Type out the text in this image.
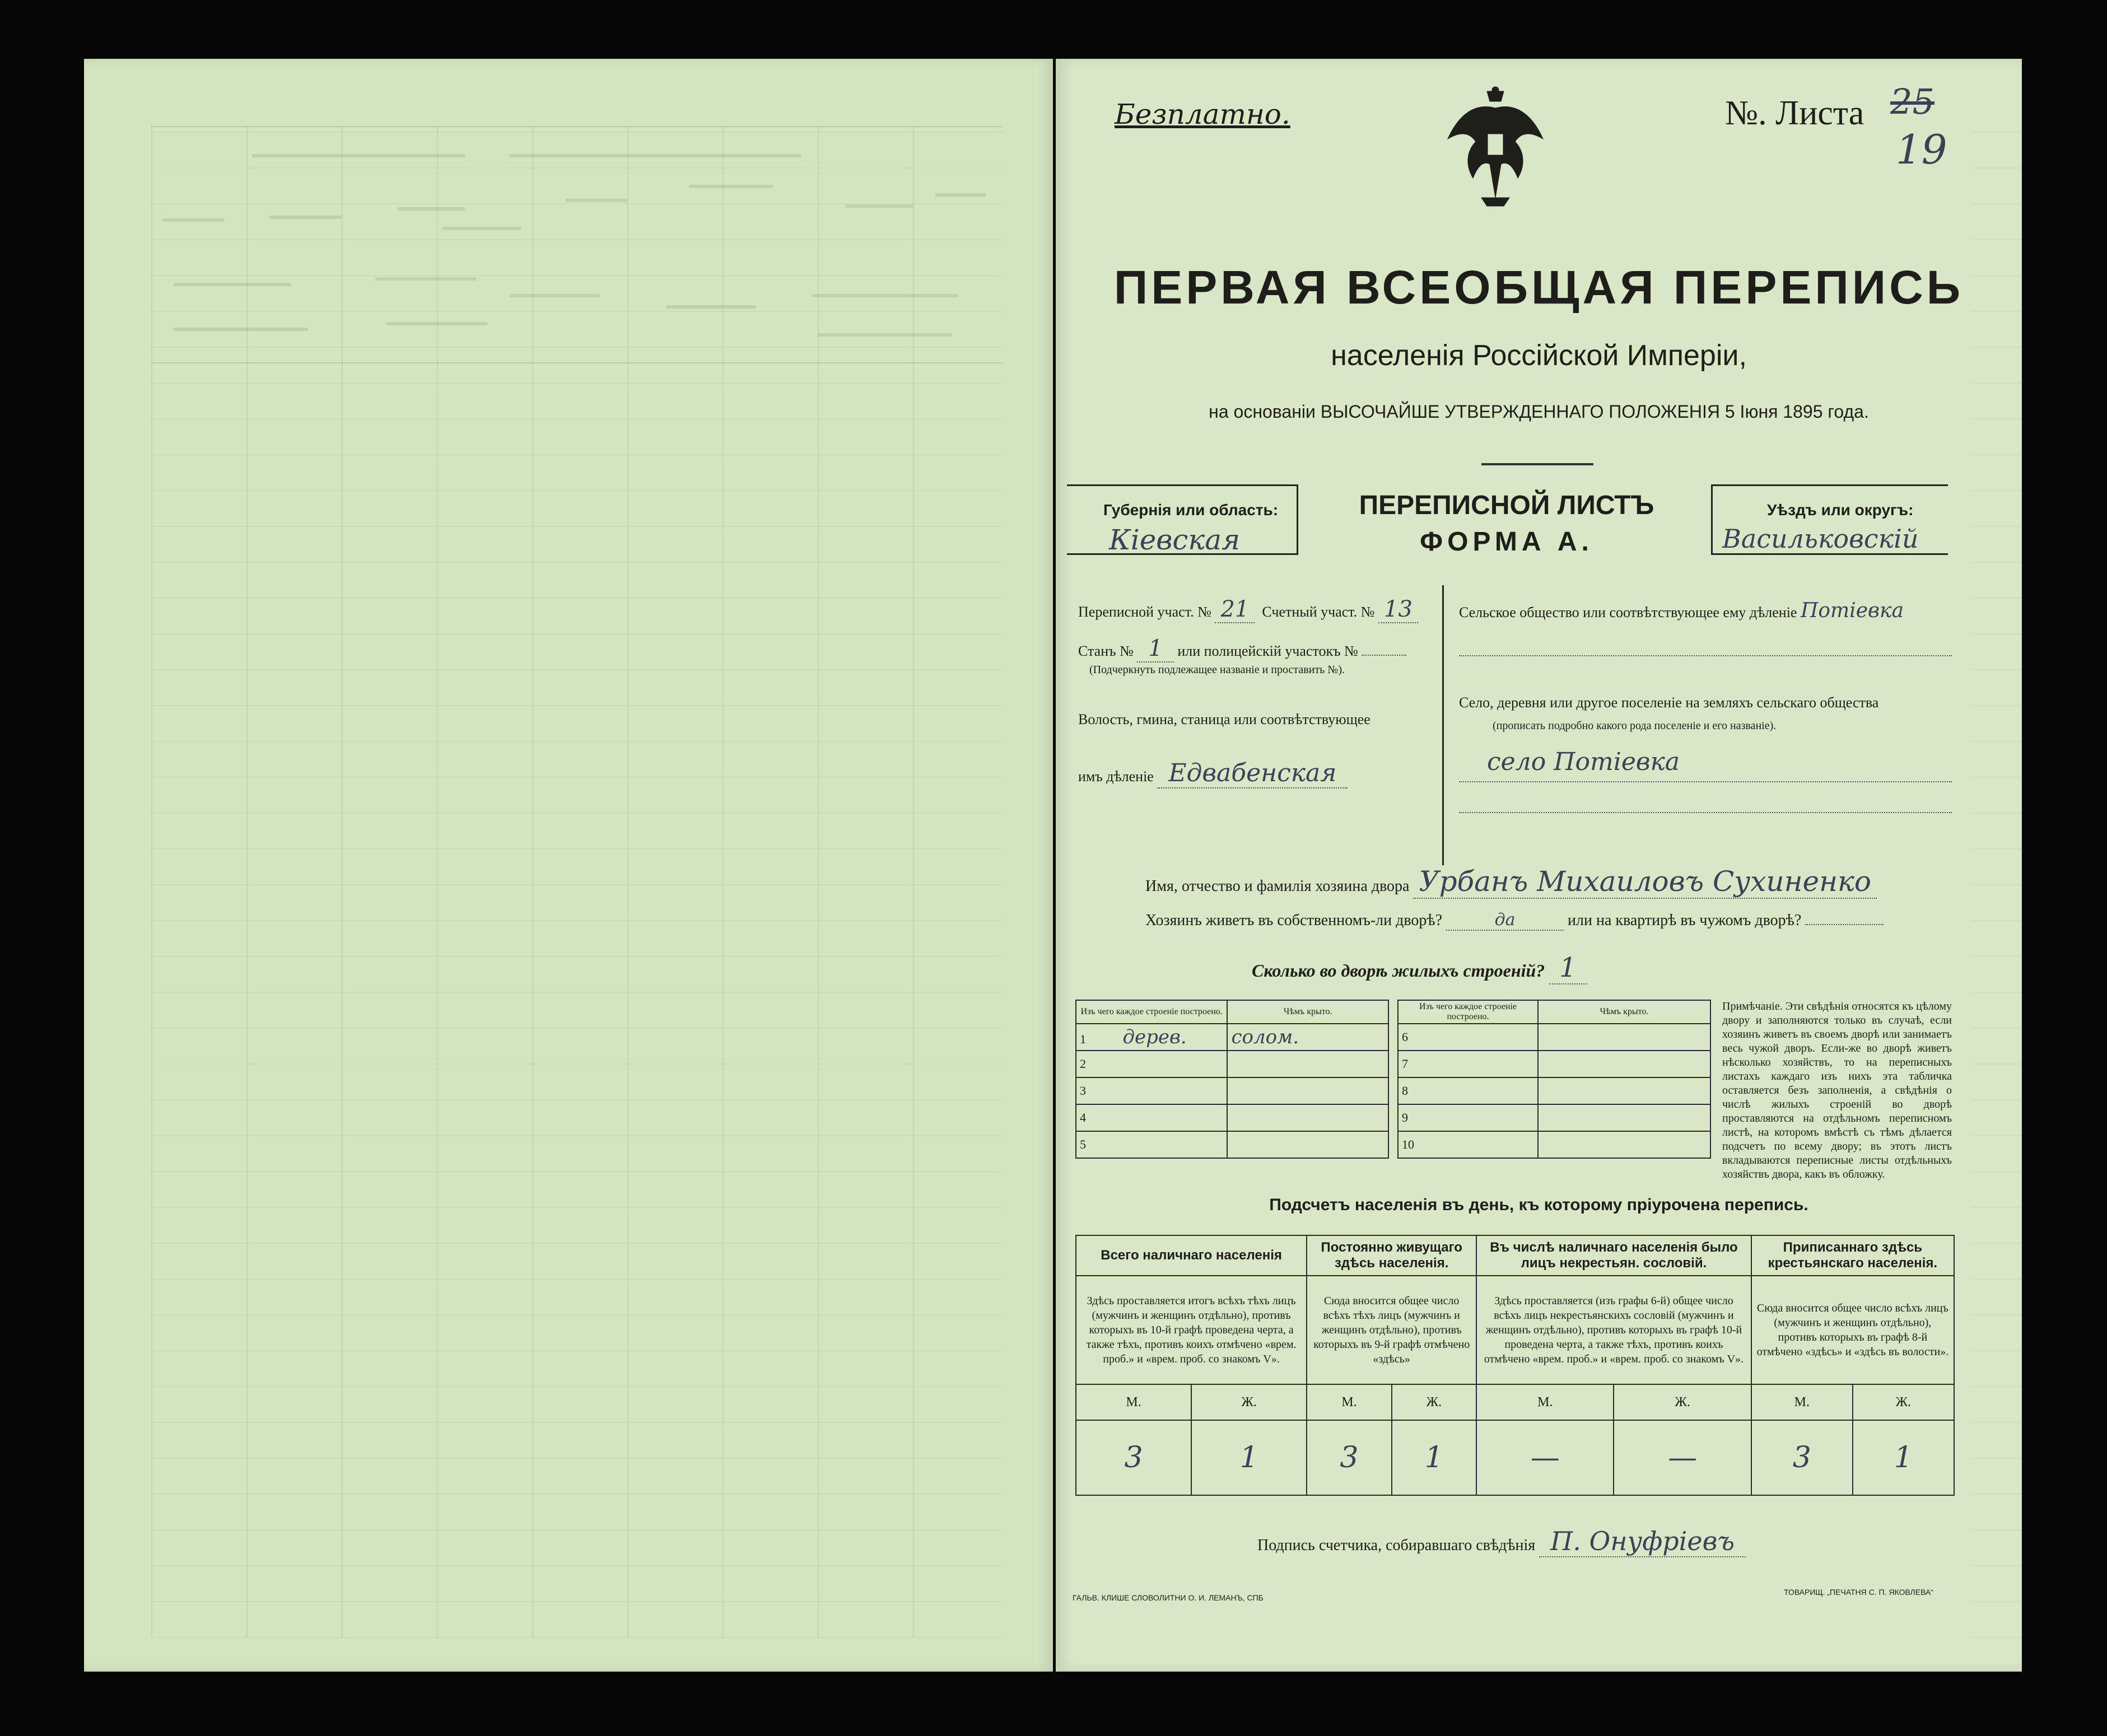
Безплатно.	№. Листа 25
19
ПЕРВАЯ ВСЕОБЩАЯ ПЕРЕПИСЬ
населенія Россійской Имперіи,
на основаніи ВЫСОЧАЙШЕ УТВЕРЖДЕННАГО ПОЛОЖЕНІЯ 5 Іюня 1895 года.
Губернія или область:
Кіевская
ПЕРЕПИСНОЙ ЛИСТЪ
ФОРМА А.
Уѣздъ или округъ:
Васильковскій
Переписной участ. № 21 Счетный участ. № 13
Станъ № 1 или полицейскій участокъ №
(Подчеркнуть подлежащее названіе и проставить №).
Волость, гмина, станица или соотвѣтствующее
имъ дѣленіе Едвабенская
Сельское общество или соотвѣтствующее ему дѣленіе Потіевка
Село, деревня или другое поселеніе на земляхъ сельскаго общества
(прописать подробно какого рода поселеніе и его названіе).
село Потіевка
Имя, отчество и фамилія хозяина двора Урбанъ Михаиловъ Сухиненко
Хозяинъ живетъ въ собственномъ-ли дворѣ?	да	или на квартирѣ въ чужомъ дворѣ?
Сколько во дворѣ жилыхъ строеній? 1
Изъ чего каждое строеніе построено.	Чѣмъ крыто.
1 дерев.	солом.
2	
3	
4	
5	
Изъ чего каждое строеніе построено.	Чѣмъ крыто.
6	
7	
8	
9	
10	
Примѣчаніе. Эти свѣдѣнія относятся къ цѣлому двору и заполняются только въ случаѣ, если хозяинъ живетъ въ своемъ дворѣ или занимаетъ весь чужой дворъ. Если-же во дворѣ живетъ нѣсколько хозяйствъ, то на переписныхъ листахъ каждаго изъ нихъ эта табличка оставляется безъ заполненія, а свѣдѣнія о числѣ жилыхъ строеній во дворѣ проставляются на отдѣльномъ переписномъ листѣ, на которомъ вмѣстѣ съ тѣмъ дѣлается подсчетъ по всему двору; въ этотъ листъ вкладываются переписные листы отдѣльныхъ хозяйствъ двора, какъ въ обложку.
Подсчетъ населенія въ день, къ которому пріурочена перепись.
Всего наличнаго населенія		Постоянно живущаго здѣсь населенія.		Въ числѣ наличнаго населенія было лицъ некрестьян. сословій.		Приписаннаго здѣсь крестьянскаго населенія.	
Здѣсь проставляется итогъ всѣхъ тѣхъ лицъ (мужчинъ и женщинъ отдѣльно), противъ которыхъ въ 10-й графѣ проведена черта, а также тѣхъ, противъ коихъ отмѣчено «врем. проб.» и «врем. проб. со знакомъ V».		Сюда вносится общее число всѣхъ тѣхъ лицъ (мужчинъ и женщинъ отдѣльно), противъ которыхъ въ 9-й графѣ отмѣчено «здѣсь»		Здѣсь проставляется (изъ графы 6-й) общее число всѣхъ лицъ некрестьянскихъ сословій (мужчинъ и женщинъ отдѣльно), противъ которыхъ въ графѣ 10-й проведена черта, а также тѣхъ, противъ коихъ отмѣчено «врем. проб.» и «врем. проб. со знакомъ V».		Сюда вносится общее число всѣхъ лицъ (мужчинъ и женщинъ отдѣльно), противъ которыхъ въ графѣ 8-й отмѣчено «здѣсь» и «здѣсь въ волости».	
М.	Ж.	М.	Ж.	М.	Ж.	М.	Ж.
3	1	3	1	—	—	3	1
Подпись счетчика, собиравшаго свѣдѣнія П. Онуфріевъ
ГАЛЬВ. КЛИШЕ СЛОВОЛИТНИ О. И. ЛЕМАНЪ, СПБ
ТОВАРИЩ. „ПЕЧАТНЯ С. П. ЯКОВЛЕВА“
